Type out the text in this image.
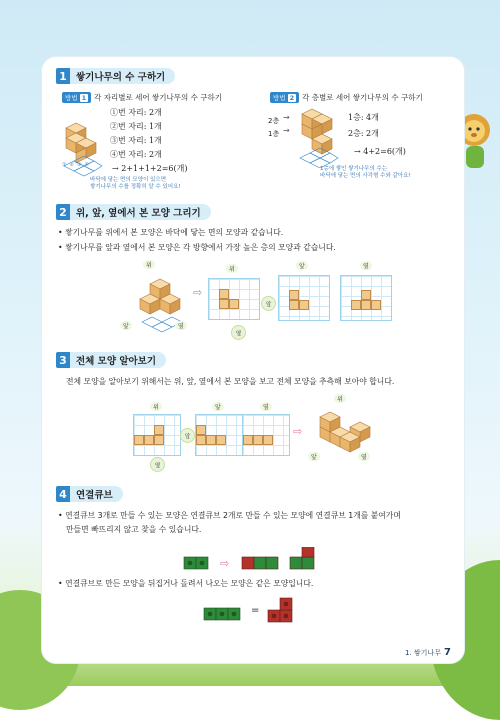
1 쌓기나무의 수 구하기
방법 1	각 자리별로 세어 쌓기나무의 수 구하기
① ② ③ ④
①번 자리: 2개
②번 자리: 1개
③번 자리: 1개
④번 자리: 2개
→ 2+1+1+2=6(개)
바닥에 닿는 면의 모양이 있으면
쌓기나무의 수를 정확히 알 수 있어요!
방법 2	각 층별로 세어 쌓기나무의 수 구하기
2층
1층
→
→
1층: 4개
2층: 2개
→ 4+2=6(개)
1층에 쌓인 쌓기나무의 수는
바닥에 닿는 면의 사각형 수와 같아요!
2 위, 앞, 옆에서 본 모양 그리기
• 쌓기나무를 위에서 본 모양은 바닥에 닿는 면의 모양과 같습니다.
• 쌓기나무를 앞과 옆에서 본 모양은 각 방향에서 가장 높은 층의 모양과 같습니다.
위
앞	옆
⇨
위
앞
앞	옆
옆
3 전체 모양 알아보기
전체 모양을 알아보기 위해서는 위, 앞, 옆에서 본 모양을 보고 전체 모양을 추측해 보아야 합니다.
위
앞
옆
앞	옆
⇨
위
앞	옆
4 연결큐브
• 연결큐브 3개로 만들 수 있는 모양은 연결큐브 2개로 만들 수 있는 모양에 연결큐브 1개를 붙여가며
만들면 빠뜨리지 않고 찾을 수 있습니다.
⇨
• 연결큐브로 만든 모양을 뒤집거나 돌려서 나오는 모양은 같은 모양입니다.
=
1. 쌓기나무 7
